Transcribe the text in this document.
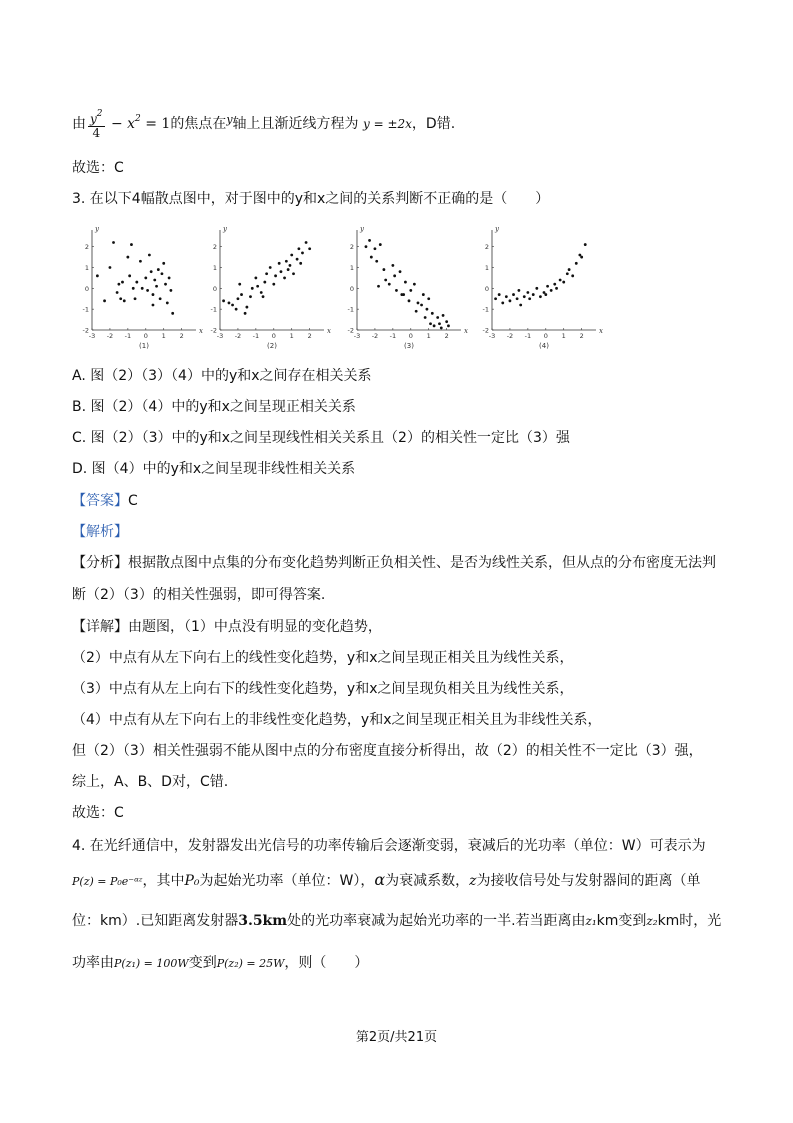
由 $\frac{y^2}{4} - x^2 = 1$的焦点在$^y$轴上且渐近线方程为 y = ±2x，D错.
故选：C
3. 在以下4幅散点图中，对于图中的y和x之间的关系判断不正确的是（　　）
x
y
-3 -2 -1 0 1 2
-2
-1
0
1
2
(1)
x
y
-3 -2 -1 0 1 2
-2
-1
0
1
2
(2)
x
y
-3 -2 -1 0 1 2
-2
-1
0
1
2
(3)
x
y
-3 -2 -1 0 1 2
-2
-1
0
1
2
(4)
A. 图（2）（3）（4）中的y和x之间存在相关关系
B. 图（2）（4）中的y和x之间呈现正相关关系
C. 图（2）（3）中的y和x之间呈现线性相关关系且（2）的相关性一定比（3）强
D. 图（4）中的y和x之间呈现非线性相关关系
【答案】C
【解析】
【分析】根据散点图中点集的分布变化趋势判断正负相关性、是否为线性关系，但从点的分布密度无法判
断（2）（3）的相关性强弱，即可得答案.
【详解】由题图，（1）中点没有明显的变化趋势，
（2）中点有从左下向右上的线性变化趋势，y和x之间呈现正相关且为线性关系，
（3）中点有从左上向右下的线性变化趋势，y和x之间呈现负相关且为线性关系，
（4）中点有从左下向右上的非线性变化趋势，y和x之间呈现正相关且为非线性关系，
但（2）（3）相关性强弱不能从图中点的分布密度直接分析得出，故（2）的相关性不一定比（3）强，
综上，A、B、D对，C错.
故选：C
4. 在光纤通信中，发射器发出光信号的功率传输后会逐渐变弱，衰减后的光功率（单位：W）可表示为
P(z) = P₀e⁻ᵅᶻ，其中P₀为起始光功率（单位：W），α为衰减系数，z为接收信号处与发射器间的距离（单
位：km）.已知距离发射器3.5km处的光功率衰减为起始光功率的一半.若当距离由z₁km变到z₂km时，光
功率由P(z₁) = 100W变到P(z₂) = 25W，则（　　）
第2页/共21页
